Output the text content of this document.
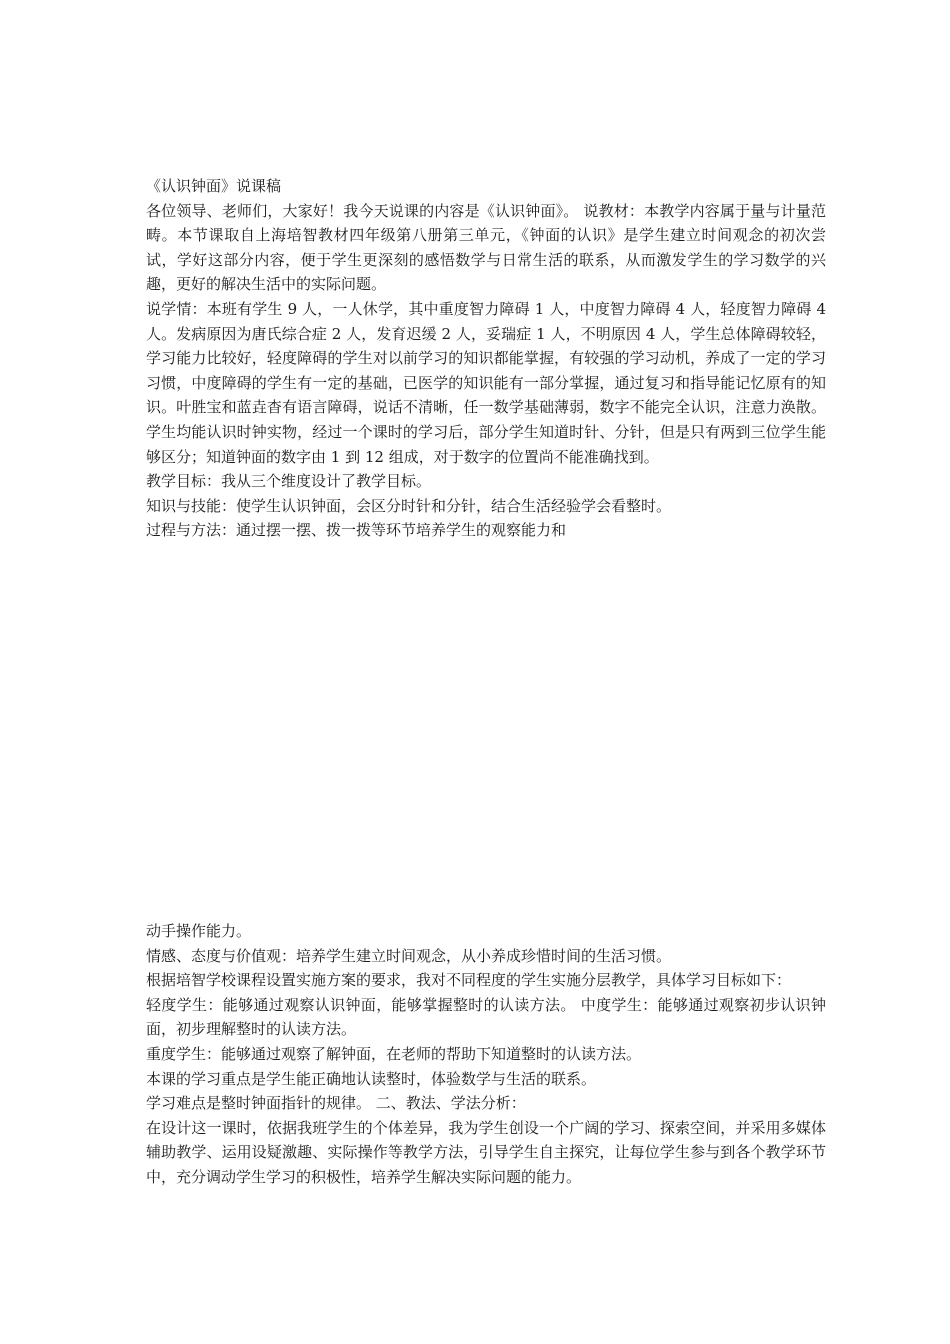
《认识钟面》说课稿

各位领导、老师们，大家好！我今天说课的内容是《认识钟面》。 说教材：本教学内容属于量与计量范畴。本节课取自上海培智教材四年级第八册第三单元，《钟面的认识》是学生建立时间观念的初次尝试，学好这部分内容，便于学生更深刻的感悟数学与日常生活的联系，从而激发学生的学习数学的兴趣，更好的解决生活中的实际问题。

说学情：本班有学生 9 人，一人休学，其中重度智力障碍 1 人，中度智力障碍 4 人，轻度智力障碍 4 人。发病原因为唐氏综合症 2 人，发育迟缓 2 人，妥瑞症 1 人，不明原因 4 人，学生总体障碍较轻，学习能力比较好，轻度障碍的学生对以前学习的知识都能掌握，有较强的学习动机，养成了一定的学习习惯，中度障碍的学生有一定的基础，已医学的知识能有一部分掌握，通过复习和指导能记忆原有的知识。叶胜宝和蓝垚杳有语言障碍，说话不清晰，任一数学基础薄弱，数字不能完全认识，注意力涣散。学生均能认识时钟实物，经过一个课时的学习后，部分学生知道时针、分针，但是只有两到三位学生能够区分；知道钟面的数字由 1 到 12 组成，对于数字的位置尚不能准确找到。

教学目标：我从三个维度设计了教学目标。

知识与技能：使学生认识钟面，会区分时针和分针，结合生活经验学会看整时。

过程与方法：通过摆一摆、拨一拨等环节培养学生的观察能力和

动手操作能力。

情感、态度与价值观：培养学生建立时间观念，从小养成珍惜时间的生活习惯。

根据培智学校课程设置实施方案的要求，我对不同程度的学生实施分层教学，具体学习目标如下：

轻度学生：能够通过观察认识钟面，能够掌握整时的认读方法。 中度学生：能够通过观察初步认识钟面，初步理解整时的认读方法。

重度学生：能够通过观察了解钟面，在老师的帮助下知道整时的认读方法。

本课的学习重点是学生能正确地认读整时，体验数学与生活的联系。

学习难点是整时钟面指针的规律。 二、教法、学法分析：

在设计这一课时，依据我班学生的个体差异，我为学生创设一个广阔的学习、探索空间，并采用多媒体辅助教学、运用设疑激趣、实际操作等教学方法，引导学生自主探究，让每位学生参与到各个教学环节中，充分调动学生学习的积极性，培养学生解决实际问题的能力。
